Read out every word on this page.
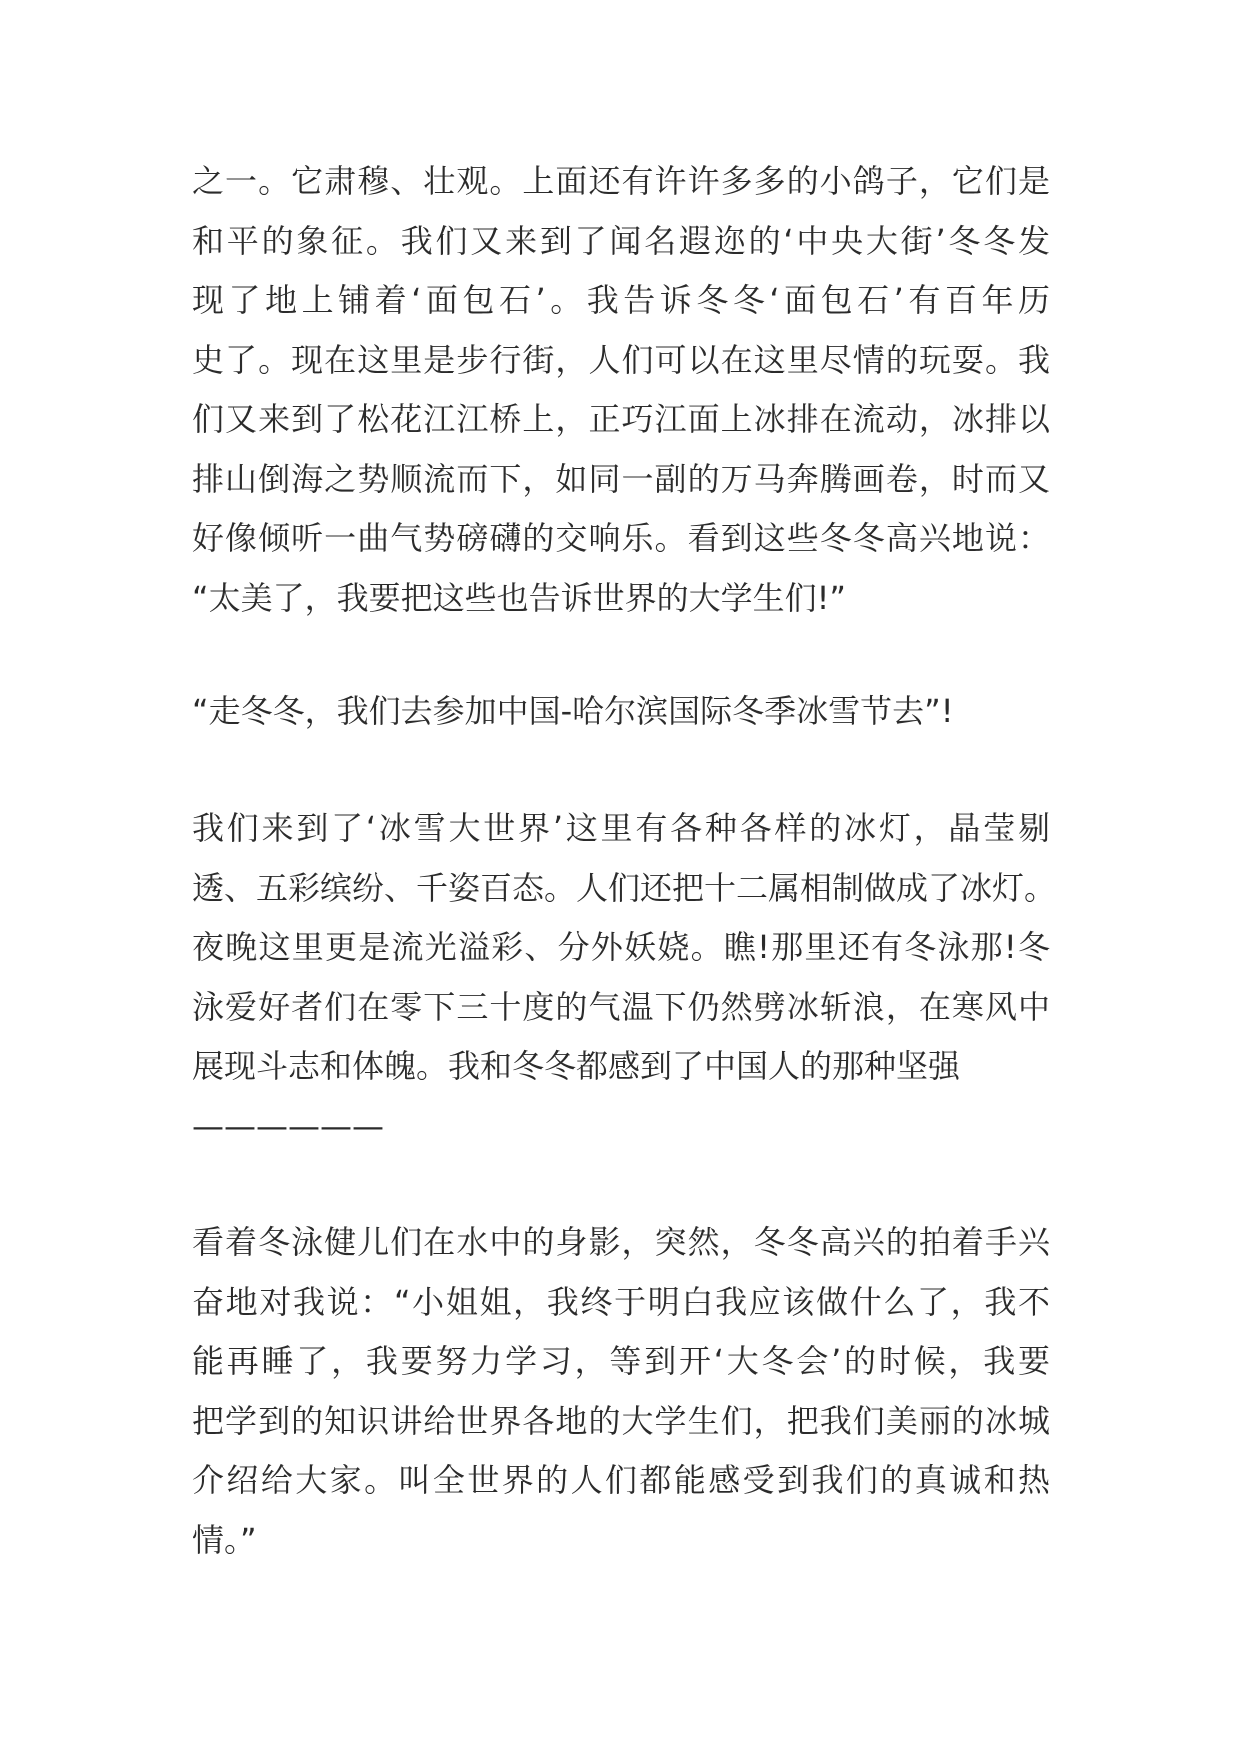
之一。它肃穆、壮观。上面还有许许多多的小鸽子，它们是
和平的象征。我们又来到了闻名遐迩的‘中央大街’冬冬发
现了地上铺着‘面包石’。我告诉冬冬‘面包石’有百年历
史了。现在这里是步行街，人们可以在这里尽情的玩耍。我
们又来到了松花江江桥上，正巧江面上冰排在流动，冰排以
排山倒海之势顺流而下，如同一副的万马奔腾画卷，时而又
好像倾听一曲气势磅礴的交响乐。看到这些冬冬高兴地说：
“太美了，我要把这些也告诉世界的大学生们!”
“走冬冬，我们去参加中国-哈尔滨国际冬季冰雪节去”!
我们来到了‘冰雪大世界’这里有各种各样的冰灯，晶莹剔
透、五彩缤纷、千姿百态。人们还把十二属相制做成了冰灯。
夜晚这里更是流光溢彩、分外妖娆。瞧!那里还有冬泳那!冬
泳爱好者们在零下三十度的气温下仍然劈冰斩浪，在寒风中
展现斗志和体魄。我和冬冬都感到了中国人的那种坚强
——————
看着冬泳健儿们在水中的身影，突然，冬冬高兴的拍着手兴
奋地对我说：“小姐姐，我终于明白我应该做什么了，我不
能再睡了，我要努力学习，等到开‘大冬会’的时候，我要
把学到的知识讲给世界各地的大学生们，把我们美丽的冰城
介绍给大家。叫全世界的人们都能感受到我们的真诚和热
情。”
